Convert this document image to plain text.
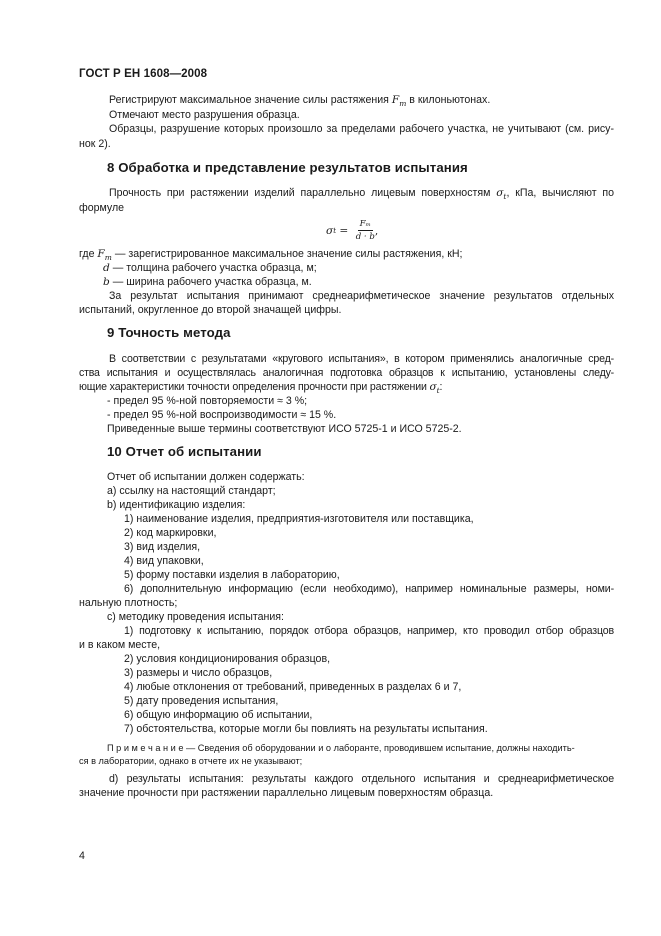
ГОСТ Р ЕН 1608—2008
Регистрируют максимальное значение силы растяжения $F_m$ в килоньютонах.
Отмечают место разрушения образца.
Образцы, разрушение которых произошло за пределами рабочего участка, не учитывают (см. рису-
нок 2).
8 Обработка и представление результатов испытания
Прочность при растяжении изделий параллельно лицевым поверхностям $\sigma_t$, кПа, вычисляют по
формуле
σ $t = \frac{\text{Fₘ}}{d \cdot b}$ ,
где $F_m$ — зарегистрированное максимальное значение силы растяжения, кН;
d — толщина рабочего участка образца, м;
b — ширина рабочего участка образца, м.
За результат испытания принимают среднеарифметическое значение результатов отдельных
испытаний, округленное до второй значащей цифры.
9 Точность метода
В соответствии с результатами «кругового испытания», в котором применялись аналогичные сред-
ства испытания и осуществлялась аналогичная подготовка образцов к испытанию, установлены следу-
ющие характеристики точности определения прочности при растяжении $\sigma_t$:
- предел 95 %-ной повторяемости ≈ 3 %;
- предел 95 %-ной воспроизводимости ≈ 15 %.
Приведенные выше термины соответствуют ИСО 5725-1 и ИСО 5725-2.
10 Отчет об испытании
Отчет об испытании должен содержать:
a) ссылку на настоящий стандарт;
b) идентификацию изделия:
1) наименование изделия, предприятия-изготовителя или поставщика,
2) код маркировки,
3) вид изделия,
4) вид упаковки,
5) форму поставки изделия в лабораторию,
6) дополнительную информацию (если необходимо), например номинальные размеры, номи-
нальную плотность;
c) методику проведения испытания:
1) подготовку к испытанию, порядок отбора образцов, например, кто проводил отбор образцов
и в каком месте,
2) условия кондиционирования образцов,
3) размеры и число образцов,
4) любые отклонения от требований, приведенных в разделах 6 и 7,
5) дату проведения испытания,
6) общую информацию об испытании,
7) обстоятельства, которые могли бы повлиять на результаты испытания.
П р и м е ч а н и е — Сведения об оборудовании и о лаборанте, проводившем испытание, должны находить-
ся в лаборатории, однако в отчете их не указывают;
d) результаты испытания: результаты каждого отдельного испытания и среднеарифметическое
значение прочности при растяжении параллельно лицевым поверхностям образца.
4
